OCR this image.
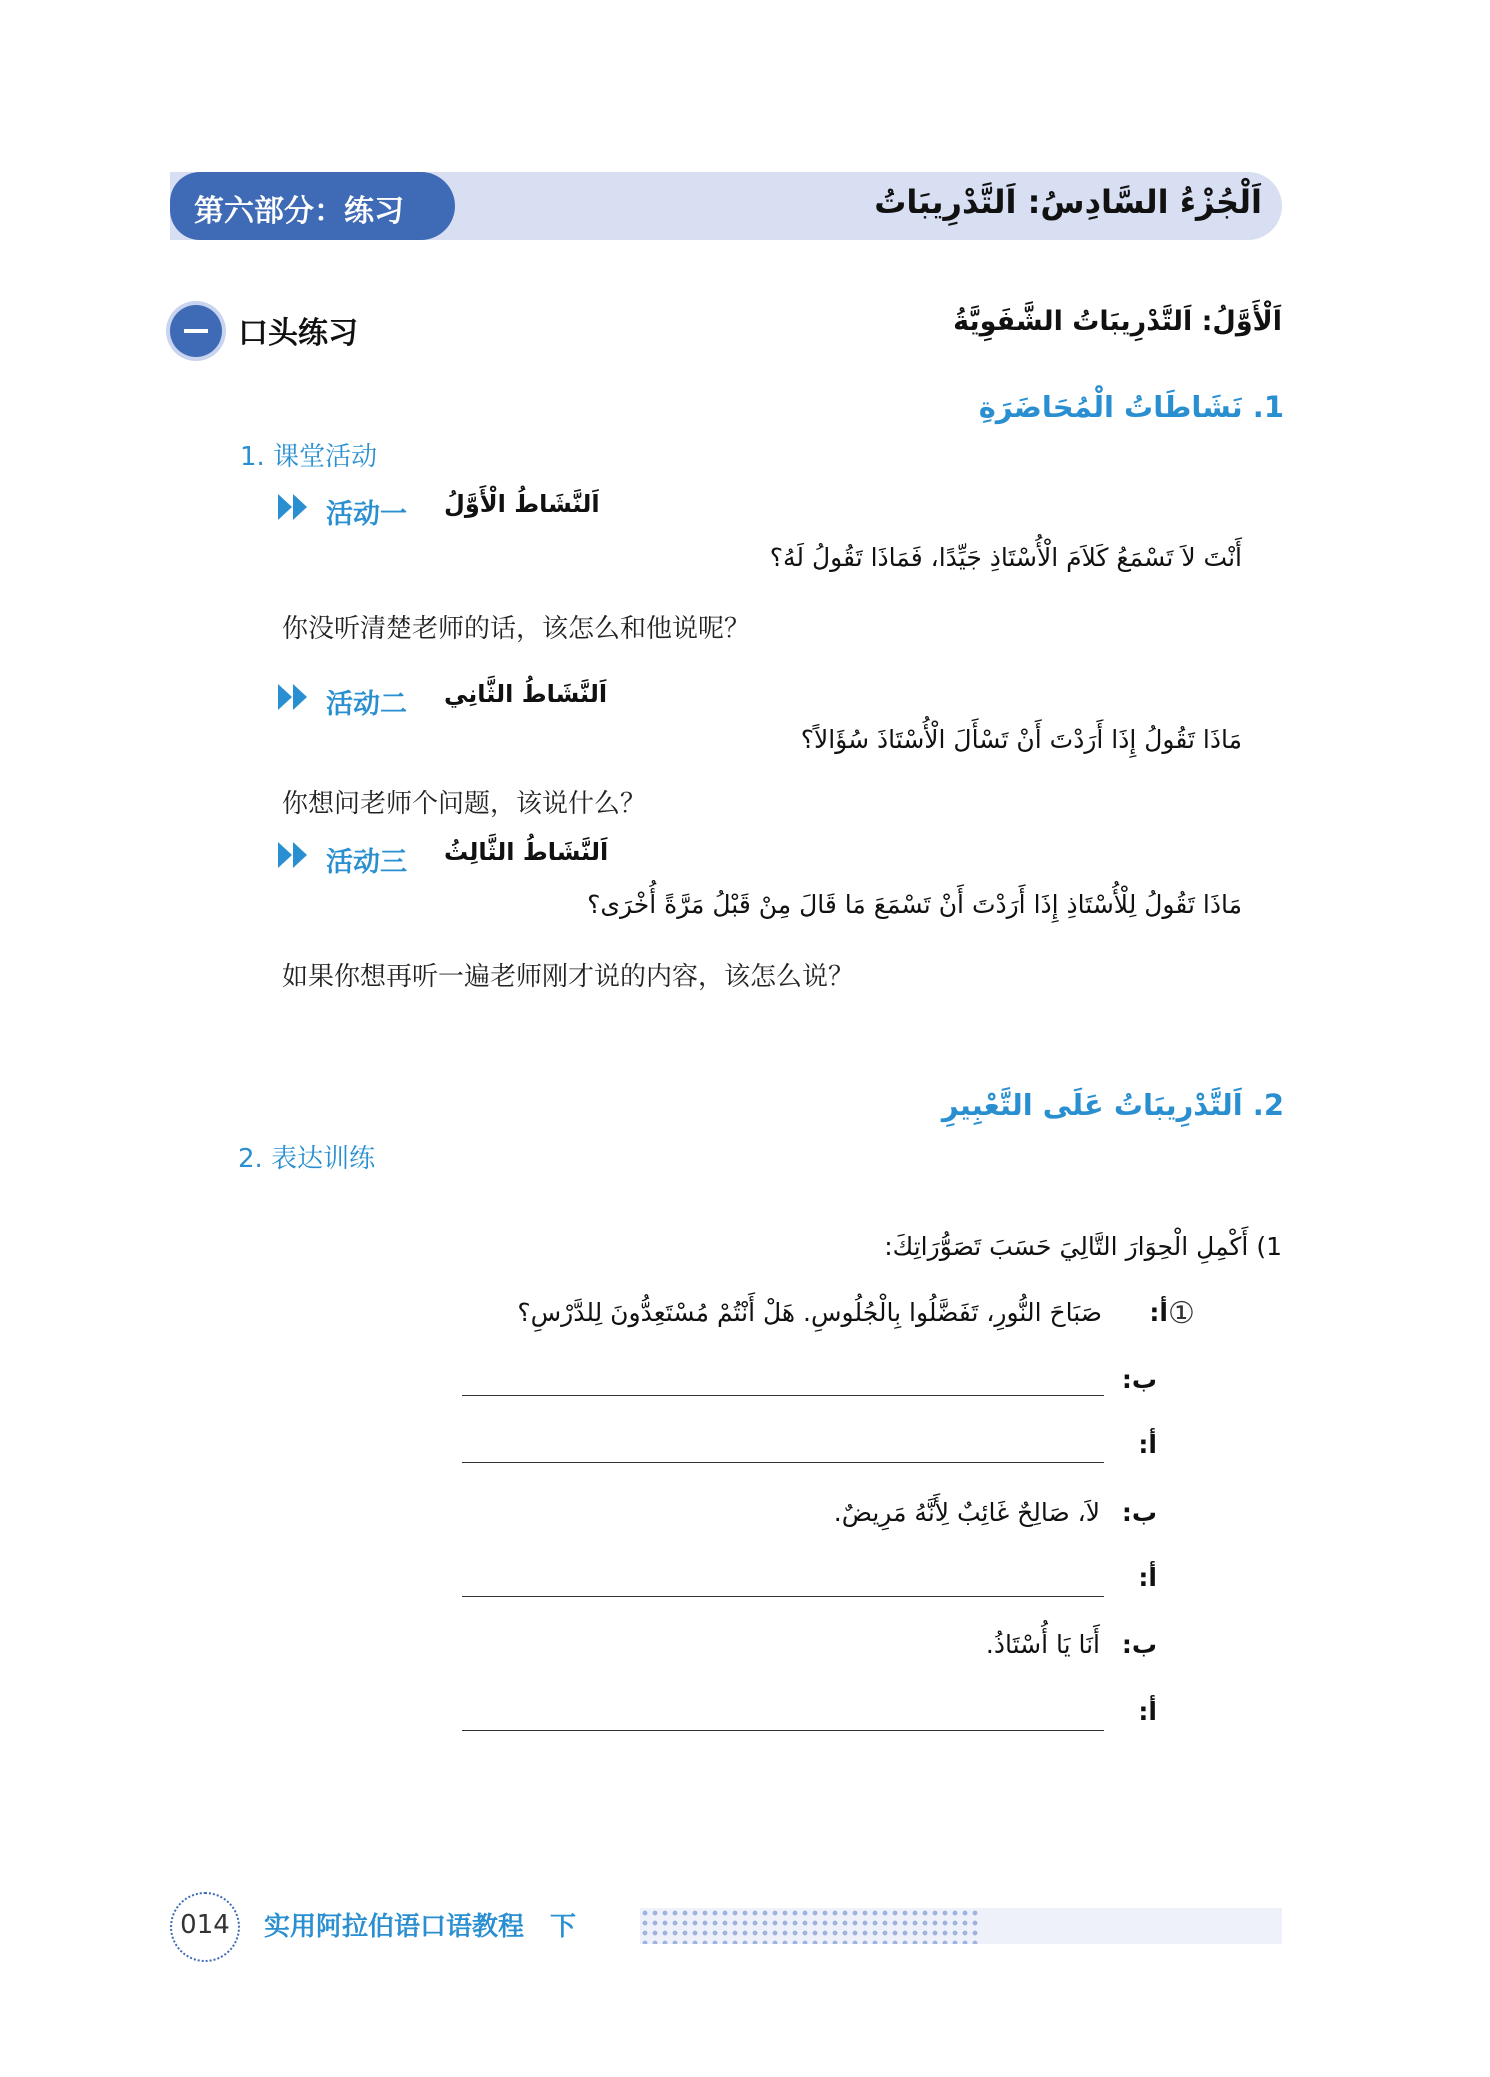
第六部分：练习	اَلْجُزْءُ السَّادِسُ: اَلتَّدْرِيبَاتُ
口头练习	اَلْأَوَّلُ: اَلتَّدْرِيبَاتُ الشَّفَوِيَّةُ
1. نَشَاطَاتُ الْمُحَاضَرَةِ
1. 课堂活动
活动一 اَلنَّشَاطُ الْأَوَّلُ
أَنْتَ لاَ تَسْمَعُ كَلاَمَ الْأُسْتَاذِ جَيِّدًا، فَمَاذَا تَقُولُ لَهُ؟
你没听清楚老师的话，该怎么和他说呢？
活动二 اَلنَّشَاطُ الثَّانِي
مَاذَا تَقُولُ إِذَا أَرَدْتَ أَنْ تَسْأَلَ الْأُسْتَاذَ سُؤَالاً؟
你想问老师个问题，该说什么？
活动三 اَلنَّشَاطُ الثَّالِثُ
مَاذَا تَقُولُ لِلْأُسْتَاذِ إِذَا أَرَدْتَ أَنْ تَسْمَعَ مَا قَالَ مِنْ قَبْلُ مَرَّةً أُخْرَى؟
如果你想再听一遍老师刚才说的内容，该怎么说？
2. اَلتَّدْرِيبَاتُ عَلَى التَّعْبِيرِ
2. 表达训练
1) أَكْمِلِ الْحِوَارَ التَّالِيَ حَسَبَ تَصَوُّرَاتِكَ:
①
أ:
صَبَاحَ النُّورِ، تَفَضَّلُوا بِالْجُلُوسِ. هَلْ أَنْتُمْ مُسْتَعِدُّونَ لِلدَّرْسِ؟
ب:
أ:
ب:
لاَ، صَالِحٌ غَائِبٌ لِأَنَّهُ مَرِيضٌ.
أ:
ب:
أَنَا يَا أُسْتَاذُ.
أ:
014	实用阿拉伯语口语教程　下
